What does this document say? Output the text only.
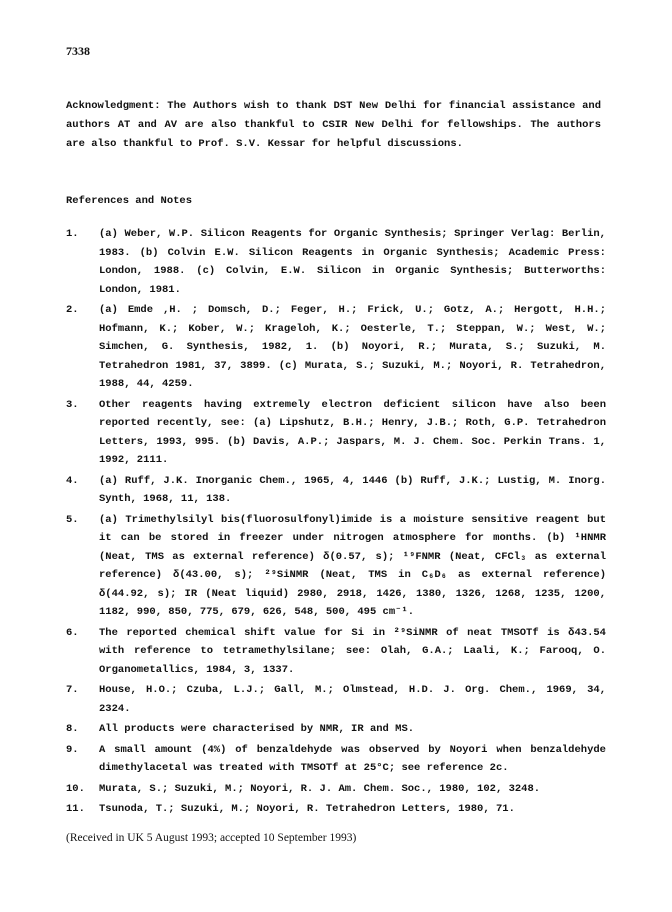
7338
Acknowledgment: The Authors wish to thank DST New Delhi for financial assistance and authors AT and AV are also thankful to CSIR New Delhi for fellowships. The authors are also thankful to Prof. S.V. Kessar for helpful discussions.
References and Notes
1.	(a) Weber, W.P. Silicon Reagents for Organic Synthesis; Springer Verlag: Berlin, 1983. (b) Colvin E.W. Silicon Reagents in Organic Synthesis; Academic Press: London, 1988. (c) Colvin, E.W. Silicon in Organic Synthesis; Butterworths: London, 1981.
2.	(a) Emde ,H. ; Domsch, D.; Feger, H.; Frick, U.; Gotz, A.; Hergott, H.H.; Hofmann, K.; Kober, W.; Krageloh, K.; Oesterle, T.; Steppan, W.; West, W.; Simchen, G. Synthesis, 1982, 1. (b) Noyori, R.; Murata, S.; Suzuki, M. Tetrahedron 1981, 37, 3899. (c) Murata, S.; Suzuki, M.; Noyori, R. Tetrahedron, 1988, 44, 4259.
3.	Other reagents having extremely electron deficient silicon have also been reported recently, see: (a) Lipshutz, B.H.; Henry, J.B.; Roth, G.P. Tetrahedron Letters, 1993, 995. (b) Davis, A.P.; Jaspars, M. J. Chem. Soc. Perkin Trans. 1, 1992, 2111.
4.	(a) Ruff, J.K. Inorganic Chem., 1965, 4, 1446 (b) Ruff, J.K.; Lustig, M. Inorg. Synth, 1968, 11, 138.
5.	(a) Trimethylsilyl bis(fluorosulfonyl)imide is a moisture sensitive reagent but it can be stored in freezer under nitrogen atmosphere for months. (b) ¹HNMR (Neat, TMS as external reference) δ(0.57, s); ¹⁹FNMR (Neat, CFCl₃ as external reference) δ(43.00, s); ²⁹SiNMR (Neat, TMS in C₆D₆ as external reference) δ(44.92, s); IR (Neat liquid) 2980, 2918, 1426, 1380, 1326, 1268, 1235, 1200, 1182, 990, 850, 775, 679, 626, 548, 500, 495 cm⁻¹.
6.	The reported chemical shift value for Si in ²⁹SiNMR of neat TMSOTf is δ43.54 with reference to tetramethylsilane; see: Olah, G.A.; Laali, K.; Farooq, O. Organometallics, 1984, 3, 1337.
7.	House, H.O.; Czuba, L.J.; Gall, M.; Olmstead, H.D. J. Org. Chem., 1969, 34, 2324.
8.	All products were characterised by NMR, IR and MS.
9.	A small amount (4%) of benzaldehyde was observed by Noyori when benzaldehyde dimethylacetal was treated with TMSOTf at 25°C; see reference 2c.
10.	Murata, S.; Suzuki, M.; Noyori, R. J. Am. Chem. Soc., 1980, 102, 3248.
11.	Tsunoda, T.; Suzuki, M.; Noyori, R. Tetrahedron Letters, 1980, 71.
(Received in UK 5 August 1993; accepted 10 September 1993)
